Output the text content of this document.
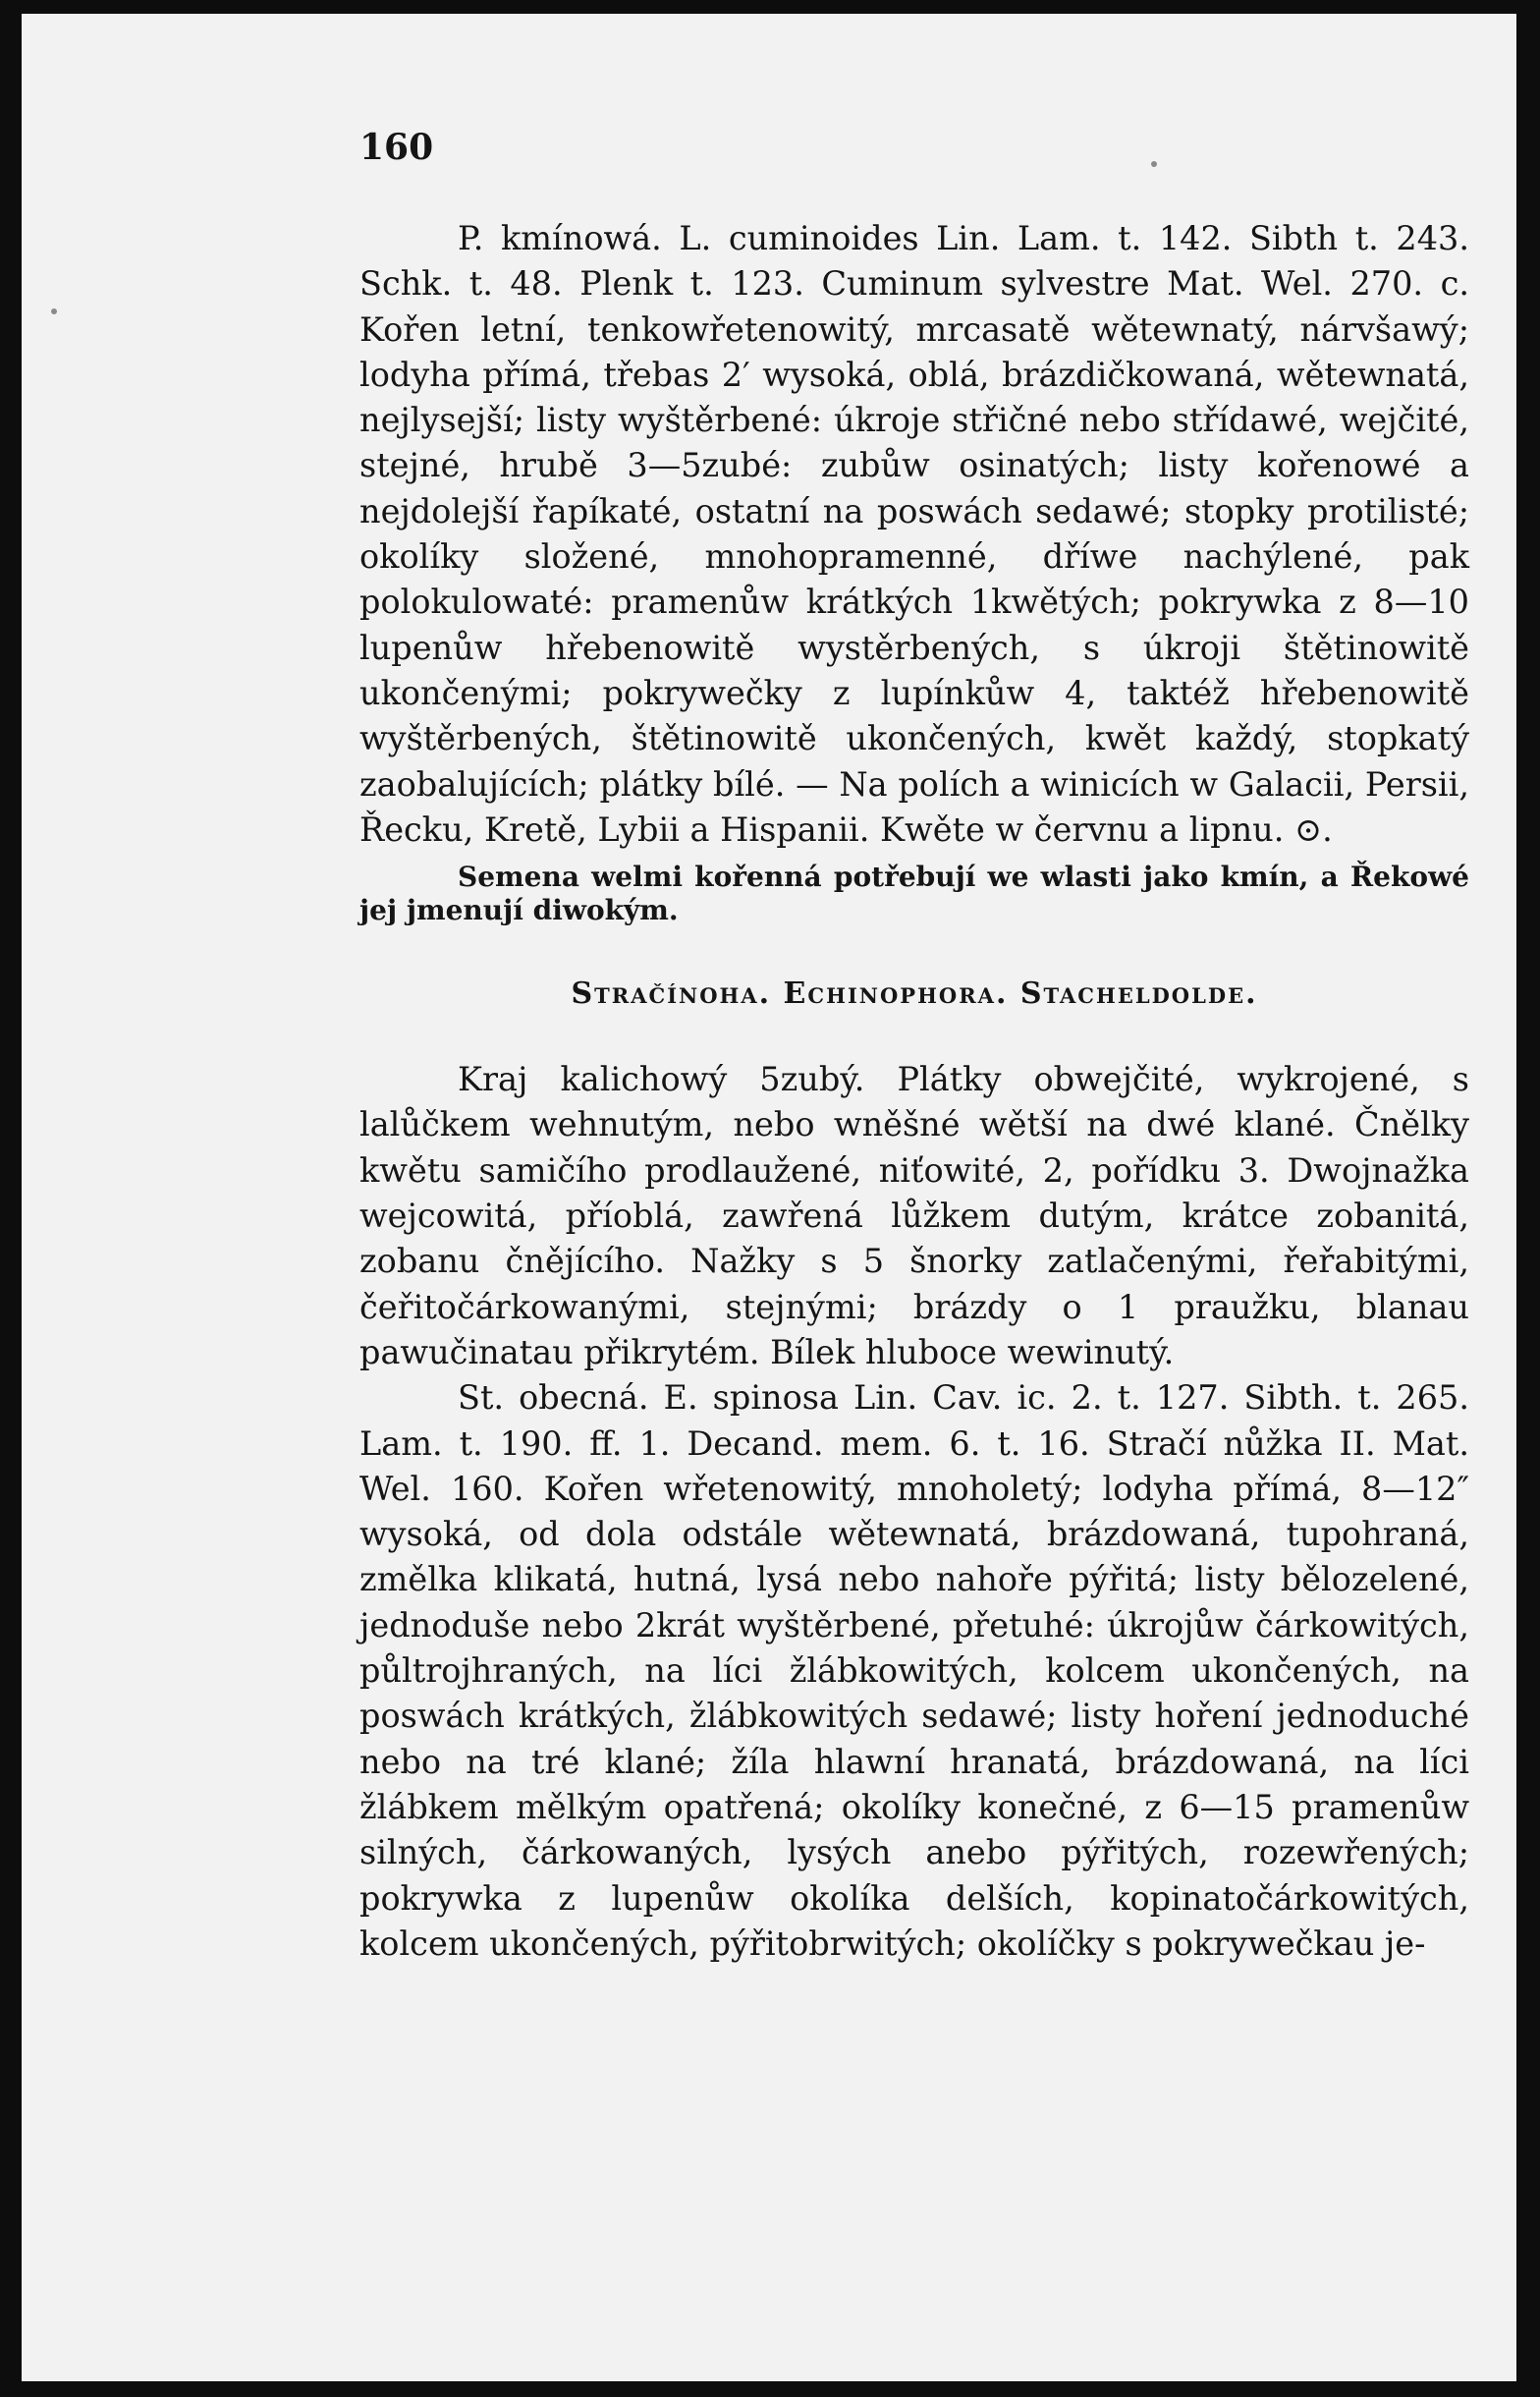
160

P. kmínowá. L. cuminoides Lin. Lam. t. 142. Sibth t. 243. Schk. t. 48. Plenk t. 123. Cuminum sylvestre Mat. Wel. 270. c. Kořen letní, tenkowřetenowitý, mrcasatě wětewnatý, nárvšawý; lodyha přímá, třebas 2′ wysoká, oblá, brázdičkowaná, wětewnatá, nejlysejší; listy wyštěrbené: úkroje střičné nebo střídawé, wejčité, stejné, hrubě 3—5zubé: zubůw osinatých; listy kořenowé a nejdolejší řapíkaté, ostatní na poswách sedawé; stopky protilisté; okolíky složené, mnohopramenné, dříwe nachýlené, pak polokulowaté: pramenůw krátkých 1kwětých; pokrywka z 8—10 lupenůw hřebenowitě wystěrbených, s úkroji štětinowitě ukončenými; pokrywečky z lupínkůw 4, taktéž hřebenowitě wyštěrbených, štětinowitě ukončených, kwět každý, stopkatý zaobalujících; plátky bílé. — Na polích a winicích w Galacii, Persii, Řecku, Kretě, Lybii a Hispanii. Kwěte w červnu a lipnu. ⊙.

Semena welmi kořenná potřebují we wlasti jako kmín, a Řekowé jej jmenují diwokým.

Stračínoha. Echinophora. Stacheldolde.

Kraj kalichowý 5zubý. Plátky obwejčité, wykrojené, s lalůčkem wehnutým, nebo wněšné wětší na dwé klané. Čnělky kwětu samičího prodlaužené, niťowité, 2, pořídku 3. Dwojnažka wejcowitá, příoblá, zawřená lůžkem dutým, krátce zobanitá, zobanu čnějícího. Nažky s 5 šnorky zatlačenými, řeřabitými, čeřitočárkowanými, stejnými; brázdy o 1 praužku, blanau pawučinatau přikrytém. Bílek hluboce wewinutý.

St. obecná. E. spinosa Lin. Cav. ic. 2. t. 127. Sibth. t. 265. Lam. t. 190. ff. 1. Decand. mem. 6. t. 16. Stračí nůžka II. Mat. Wel. 160. Kořen wřetenowitý, mnoholetý; lodyha přímá, 8—12″ wysoká, od dola odstále wětewnatá, brázdowaná, tupohraná, změlka klikatá, hutná, lysá nebo nahoře pýřitá; listy bělozelené, jednoduše nebo 2krát wyštěrbené, přetuhé: úkrojůw čárkowitých, půltrojhraných, na líci žlábkowitých, kolcem ukončených, na poswách krátkých, žlábkowitých sedawé; listy hoření jednoduché nebo na tré klané; žíla hlawní hranatá, brázdowaná, na líci žlábkem mělkým opatřená; okolíky konečné, z 6—15 pramenůw silných, čárkowaných, lysých anebo pýřitých, rozewřených; pokrywka z lupenůw okolíka delších, kopinatočárkowitých, kolcem ukončených, pýřitobrwitých; okolíčky s pokrywečkau je-
